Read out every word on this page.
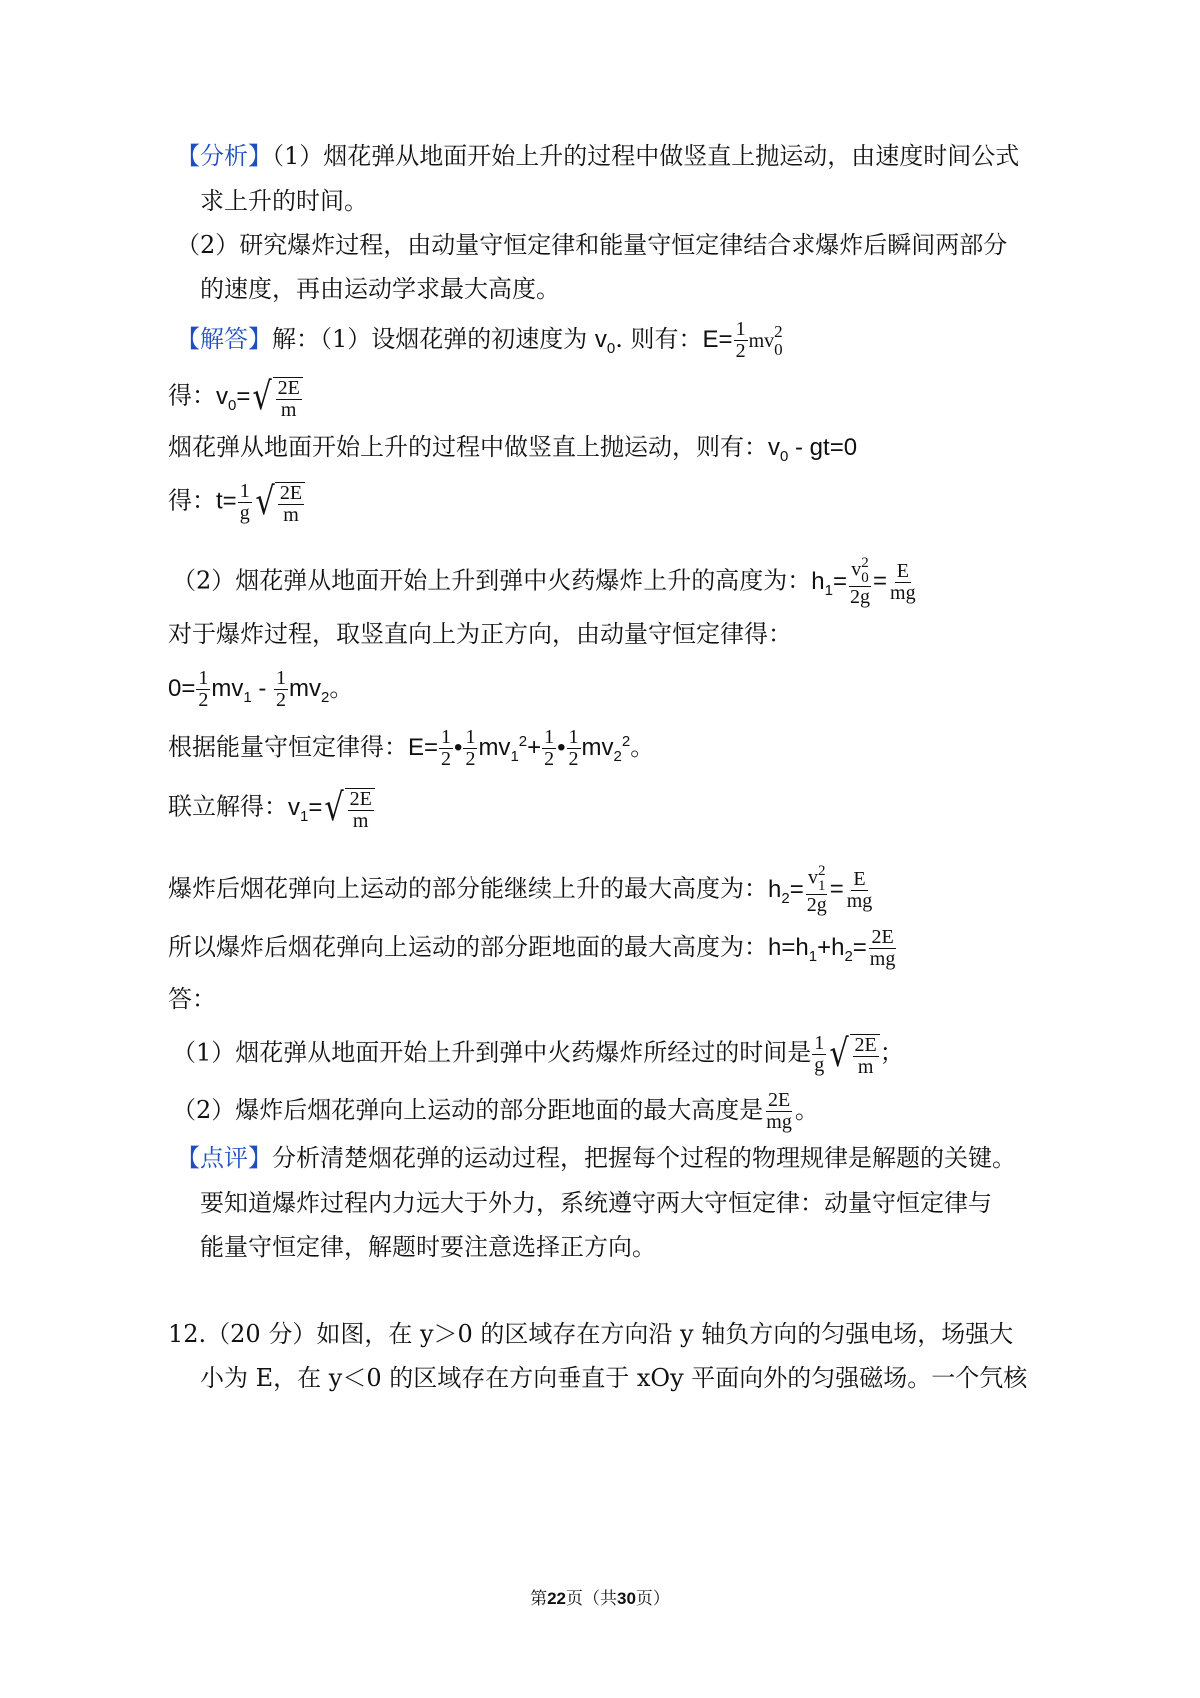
【分析】（1）烟花弹从地面开始上升的过程中做竖直上抛运动，由速度时间公式
求上升的时间。
（2）研究爆炸过程，由动量守恒定律和能量守恒定律结合求爆炸后瞬间两部分
的速度，再由运动学求最大高度。
【解答】解：（1）设烟花弹的初速度为 $v_0$. 则有：$E= \frac{1}{2}$ mv 2
0
得：$v_0=$ √ $\frac{2E}{m}$
烟花弹从地面开始上升的过程中做竖直上抛运动，则有：$v_0 - gt=0$
得：$t= \frac{1}{g}$ √ $\frac{2E}{m}$
（2）烟花弹从地面开始上升到弹中火药爆炸上升的高度为：$h_1= v$ 2
0
$2g = \frac{E}{mg}$
对于爆炸过程，取竖直向上为正方向，由动量守恒定律得：
$0= \frac{1}{2} mv_1 - \frac{1}{2} mv_2$。
根据能量守恒定律得：$E= \frac{1}{2}$ • $\frac{1}{2} mv_1^2+ \frac{1}{2}$ • $\frac{1}{2} mv_2^2$。
联立解得：$v_1=$ √ $\frac{2E}{m}$
爆炸后烟花弹向上运动的部分能继续上升的最大高度为：$h_2= v$ 2
1
$2g = \frac{E}{mg}$
所以爆炸后烟花弹向上运动的部分距地面的最大高度为：$h=h_1+h_2= \frac{2E}{mg}$
答：
（1）烟花弹从地面开始上升到弹中火药爆炸所经过的时间是 $\frac{1}{g}$ √ $\frac{2E}{m}$ ；
（2）爆炸后烟花弹向上运动的部分距地面的最大高度是 $\frac{2E}{mg}$ 。
【点评】分析清楚烟花弹的运动过程，把握每个过程的物理规律是解题的关键。
要知道爆炸过程内力远大于外力，系统遵守两大守恒定律：动量守恒定律与
能量守恒定律，解题时要注意选择正方向。
12.（20 分）如图，在 y＞0 的区域存在方向沿 y 轴负方向的匀强电场，场强大
小为 E，在 y＜0 的区域存在方向垂直于 xOy 平面向外的匀强磁场。一个氕核
第22页（共30页）
